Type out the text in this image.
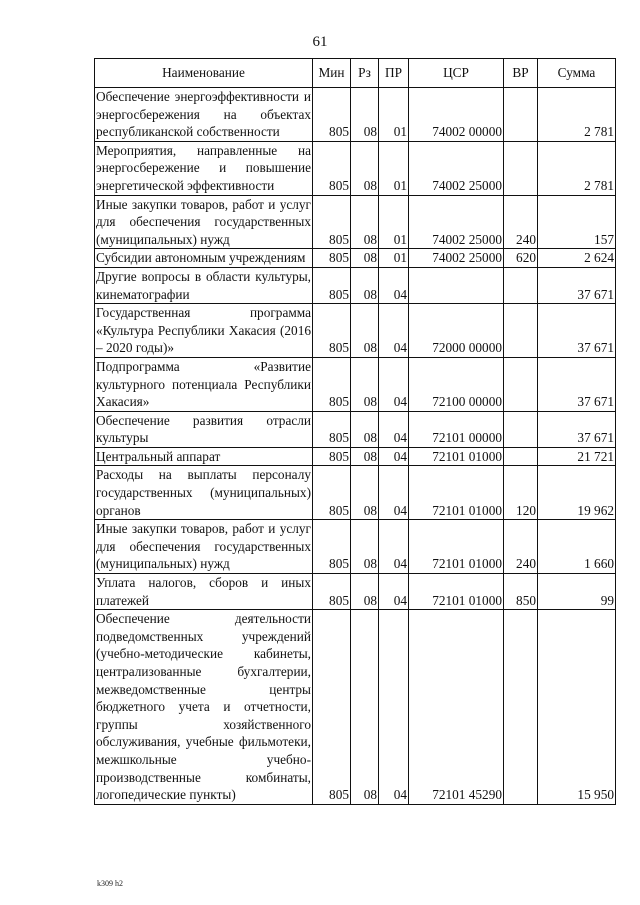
61
Наименование	Мин	Рз	ПР	ЦСР	ВР	Сумма
Обеспечение энергоэффективности и энергосбережения на объектах республиканской собственности	805	08	01	74002 00000		2 781
Мероприятия, направленные на энергосбережение и повышение энергетической эффективности	805	08	01	74002 25000		2 781
Иные закупки товаров, работ и услуг для обеспечения государственных (муниципальных) нужд	805	08	01	74002 25000	240	157
Субсидии автономным учреждениям	805	08	01	74002 25000	620	2 624
Другие вопросы в области культуры, кинематографии	805	08	04			37 671
Государственная программа «Культура Республики Хакасия (2016 – 2020 годы)»	805	08	04	72000 00000		37 671
Подпрограмма «Развитие культурного потенциала Республики Хакасия»	805	08	04	72100 00000		37 671
Обеспечение развития отрасли культуры	805	08	04	72101 00000		37 671
Центральный аппарат	805	08	04	72101 01000		21 721
Расходы на выплаты персоналу государственных (муниципальных) органов	805	08	04	72101 01000	120	19 962
Иные закупки товаров, работ и услуг для обеспечения государственных (муниципальных) нужд	805	08	04	72101 01000	240	1 660
Уплата налогов, сборов и иных платежей	805	08	04	72101 01000	850	99
Обеспечение деятельности подведомственных учреждений (учебно-методические кабинеты, централизованные бухгалтерии, межведомственные центры бюджетного учета и отчетности, группы хозяйственного обслуживания, учебные фильмотеки, межшкольные учебно-производственные комбинаты, логопедические пункты)	805	08	04	72101 45290		15 950
k309 h2
